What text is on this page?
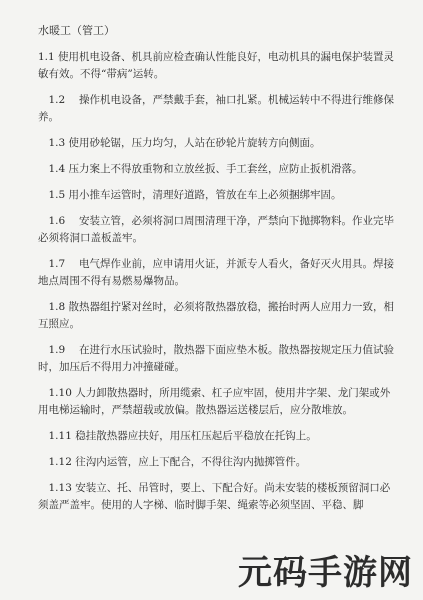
水暖工（管工）
1.1 使用机电设备、机具前应检查确认性能良好，电动机具的漏电保护装置灵敏有效。不得“带病”运转。
　1.2　 操作机电设备，严禁戴手套，袖口扎紧。机械运转中不得进行维修保养。
　1.3 使用砂轮锯，压力均匀，人站在砂轮片旋转方向侧面。
　1.4 压力案上不得放重物和立放丝扳、手工套丝，应防止扳机滑落。
　1.5 用小推车运管时，清理好道路，管放在车上必须捆绑牢固。
　1.6　 安装立管，必须将洞口周围清理干净，严禁向下抛掷物料。作业完毕必须将洞口盖板盖牢。
　1.7　 电气焊作业前，应申请用火证，并派专人看火，备好灭火用具。焊接地点周围不得有易燃易爆物品。
　1.8 散热器组拧紧对丝时，必须将散热器放稳，搬抬时两人应用力一致，相互照应。
　1.9　 在进行水压试验时，散热器下面应垫木板。散热器按规定压力值试验时，加压后不得用力冲撞碰碰。
　1.10 人力卸散热器时，所用缆索、杠子应牢固，使用井字架、龙门架或外用电梯运输时，严禁超载或放偏。散热器运送楼层后，应分散堆放。
　1.11 稳挂散热器应扶好，用压杠压起后平稳放在托钩上。
　1.12 往沟内运管，应上下配合，不得往沟内抛掷管件。
　1.13 安装立、托、吊管时，要上、下配合好。尚未安装的楼板预留洞口必须盖严盖牢。使用的人字梯、临时脚手架、绳索等必须坚固、平稳、脚
元码手游网
